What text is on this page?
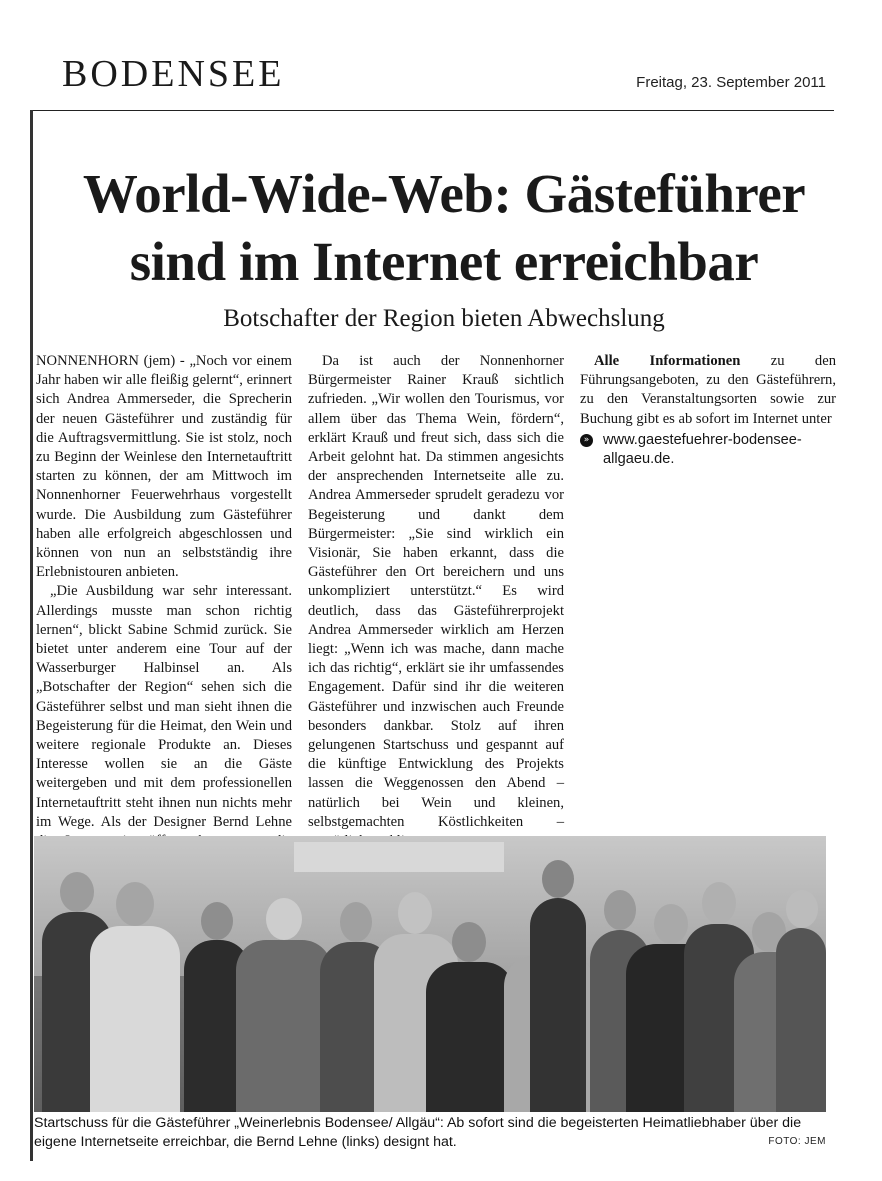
BODENSEE	Freitag, 23. September 2011
World-Wide-Web: Gästeführer sind im Internet erreichbar
Botschafter der Region bieten Abwechslung

NONNENHORN (jem) - „Noch vor einem Jahr haben wir alle fleißig gelernt“, erinnert sich Andrea Ammerseder, die Sprecherin der neuen Gästeführer und zuständig für die Auftragsvermittlung. Sie ist stolz, noch zu Beginn der Weinlese den Internetauftritt starten zu können, der am Mittwoch im Nonnenhorner Feuerwehrhaus vorgestellt wurde. Die Ausbildung zum Gästeführer haben alle erfolgreich abgeschlossen und können von nun an selbstständig ihre Erlebnistouren anbieten.

„Die Ausbildung war sehr interessant. Allerdings musste man schon richtig lernen“, blickt Sabine Schmid zurück. Sie bietet unter anderem eine Tour auf der Wasserburger Halbinsel an. Als „Botschafter der Region“ sehen sich die Gästeführer selbst und man sieht ihnen die Begeisterung für die Heimat, den Wein und weitere regionale Produkte an. Dieses Interesse wollen sie an die Gäste weitergeben und mit dem professionellen Internetauftritt steht ihnen nun nichts mehr im Wege. Als der Designer Bernd Lehne

Da ist auch der Nonnenhorner Bürgermeister Rainer Krauß sichtlich zufrieden. „Wir wollen den Tourismus, vor allem über das Thema Wein, fördern“, erklärt Krauß und freut sich, dass sich die Arbeit gelohnt hat. Da stimmen angesichts der ansprechenden Internetseite alle zu. Andrea Ammerseder sprudelt geradezu vor Begeisterung und dankt dem Bürgermeister: „Sie sind wirklich ein Visionär, Sie haben erkannt, dass die Gästeführer den Ort bereichern und uns unkompliziert unterstützt.“ Es wird deutlich, dass das Gästeführerprojekt Andrea Ammerseder wirklich am Herzen liegt: „Wenn ich was mache, dann mache ich das richtig“, erklärt sie ihr umfassendes Engagement. Dafür sind ihr die weiteren Gästeführer und inzwischen auch Freunde besonders dankbar. Stolz auf ihren gelungenen Startschuss und gespannt auf die künftige Entwicklung des Projekts lassen die Weggenossen den Abend – natürlich bei Wein und kleinen, selbstgemachten Köstlichkeiten –

Alle Informationen zu den Führungsangeboten, zu den Gästeführern, zu den Veranstaltungsorten sowie zur Buchung gibt es ab sofort im Internet unter

» www.gaestefuehrer-bodensee-allgaeu.de.

Startschuss für die Gästeführer „Weinerlebnis Bodensee/ Allgäu“: Ab sofort sind die begeisterten Heimatliebhaber über die eigene Internetseite erreichbar, die Bernd Lehne (links) designt hat.	FOTO: JEM
